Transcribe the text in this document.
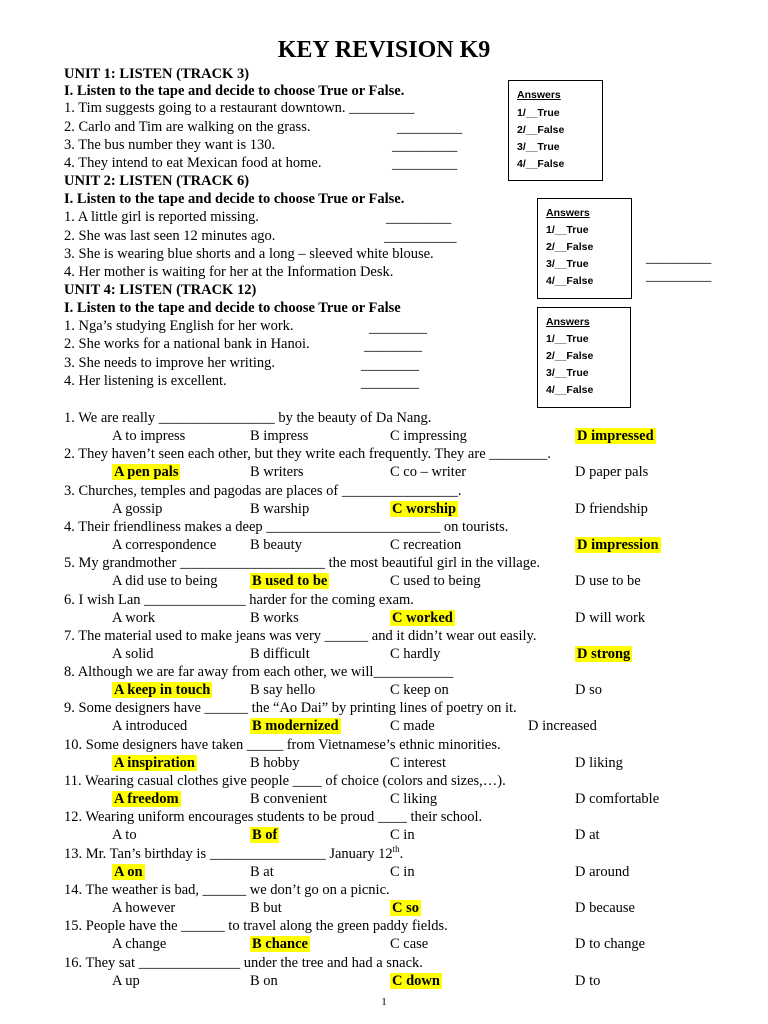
KEY REVISION K9
UNIT 1: LISTEN (TRACK 3)
I. Listen to the tape and decide to choose True or False.
1. Tim suggests going to a restaurant downtown. _________
2. Carlo and Tim are walking on the grass.	_________
3. The bus number they want is 130.	_________
4. They intend to eat Mexican food at home.	_________
Answers
1/__True
2/__False
3/__True
4/__False
UNIT 2: LISTEN (TRACK 6)
I. Listen to the tape and decide to choose True or False.
1. A little girl is reported missing.	_________
2. She was last seen 12 minutes ago.	__________
3. She is wearing blue shorts and a long – sleeved white blouse.	_________
4. Her mother is waiting for her at the Information Desk.	_________
Answers
1/__True
2/__False
3/__True
4/__False
UNIT 4: LISTEN (TRACK 12)
I. Listen to the tape and decide to choose True or False
1. Nga’s studying English for her work.	________
2. She works for a national bank in Hanoi.	________
3. She needs to improve her writing.	________
4. Her listening is excellent.	________
Answers
1/__True
2/__False
3/__True
4/__False
1. We are really ________________ by the beauty of Da Nang.
A to impress	B impress	C impressing	D impressed
2. They haven’t seen each other, but they write each frequently. They are ________.
A pen pals	B writers	C co – writer	D paper pals
3. Churches, temples and pagodas are places of ________________.
A gossip	B warship	C worship	D friendship
4. Their friendliness makes a deep ________________________ on tourists.
A correspondence B beauty	C recreation	D impression
5. My grandmother ____________________ the most beautiful girl in the village.
A did use to being B used to be	C used to being	D use to be
6. I wish Lan ______________ harder for the coming exam.
A work	B works	C worked	D will work
7. The material used to make jeans was very ______ and it didn’t wear out easily.
A solid	B difficult	C hardly	D strong
8. Although we are far away from each other, we will___________
A keep in touch	B say hello	C keep on	D so
9. Some designers have ______ the “Ao Dai” by printing lines of poetry on it.
A introduced	B modernized	C made	D increased
10. Some designers have taken _____ from Vietnamese’s ethnic minorities.
A inspiration	B hobby	C interest	D liking
11. Wearing casual clothes give people ____ of choice (colors and sizes,…).
A freedom	B convenient	C liking	D comfortable
12. Wearing uniform encourages students to be proud ____ their school.
A to	B of	C in	D at
13. Mr. Tan’s birthday is ________________ January 12th.
A on	B at	C in	D around
14. The weather is bad, ______ we don’t go on a picnic.
A however	B but	C so	D because
15. People have the ______ to travel along the green paddy fields.
A change	B chance	C case	D to change
16. They sat ______________ under the tree and had a snack.
A up	B on	C down	D to
1
